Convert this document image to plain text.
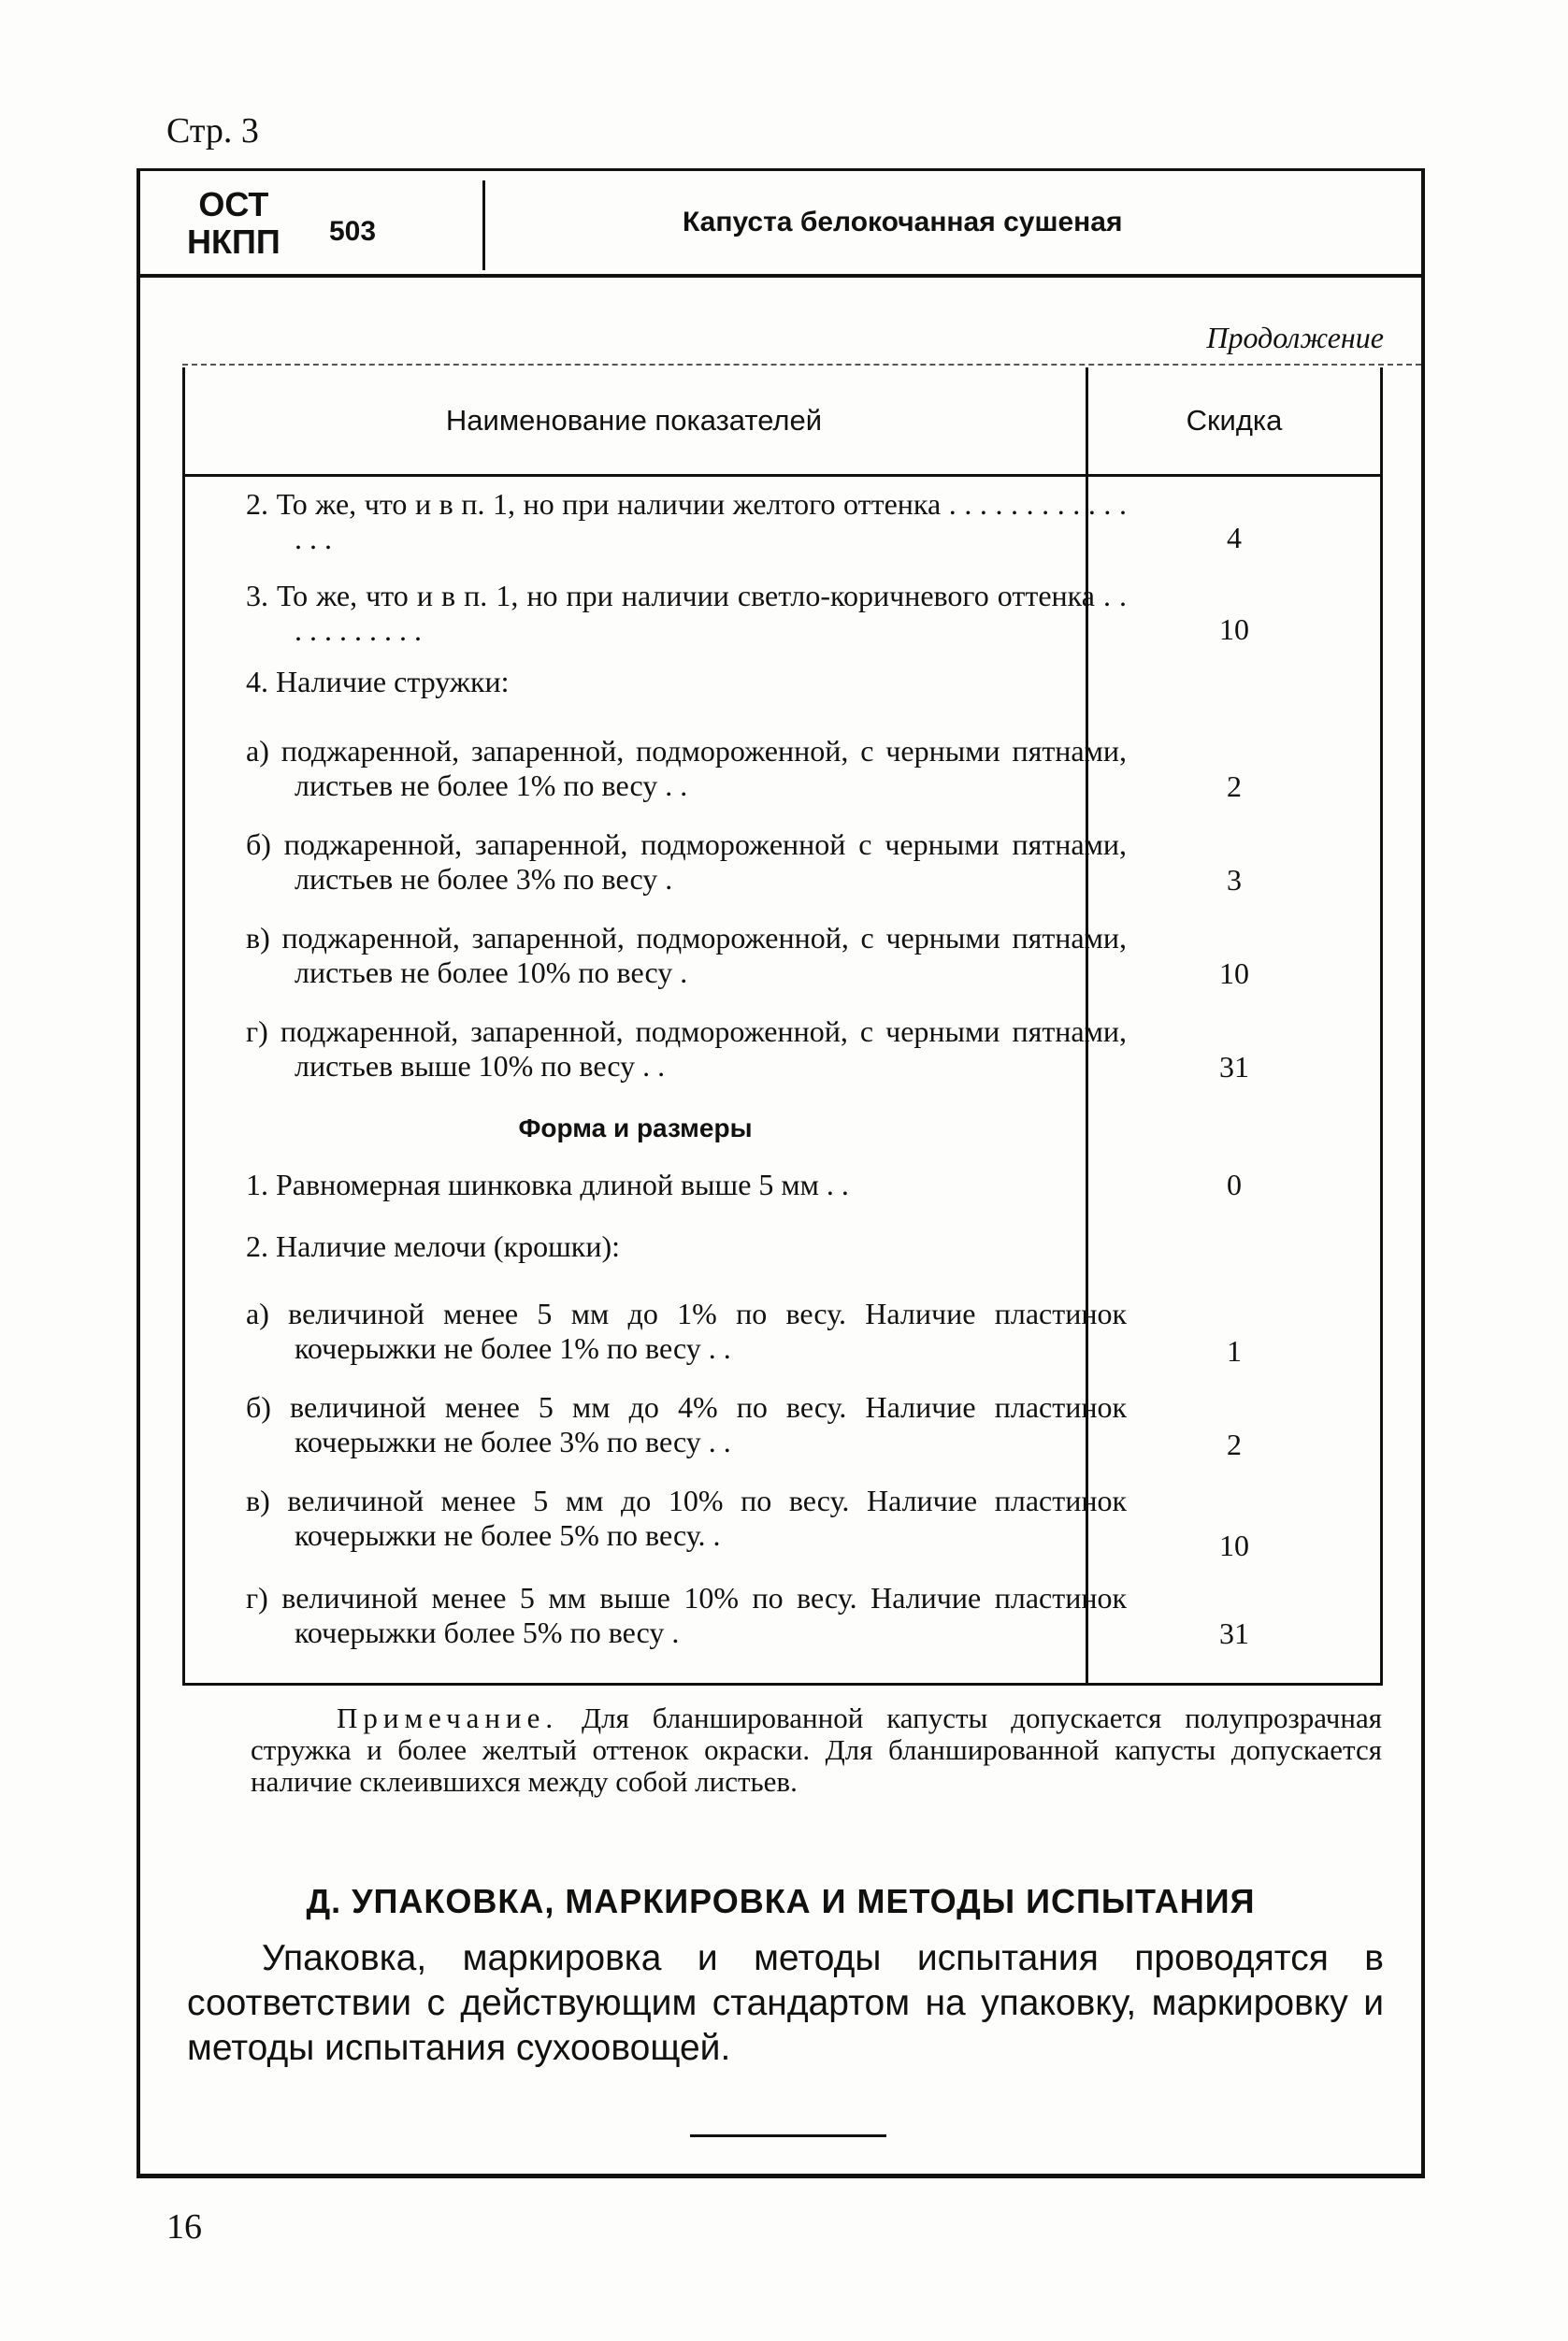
Стр. 3
ОСТ
НКПП 503	Капуста белокочанная сушеная
Продолжение
Наименование показателей	Скидка
2. То же, что и в п. 1, но при наличии желтого оттенка . . . . . . . . . . . . . . .	4
3. То же, что и в п. 1, но при наличии светло-коричневого оттенка . . . . . . . . . . .	10
4. Наличие стружки:
а) поджаренной, запаренной, подмороженной, с черными пятнами, листьев не более 1% по весу . .	2
б) поджаренной, запаренной, подмороженной с черными пятнами, листьев не более 3% по весу .	3
в) поджаренной, запаренной, подмороженной, с черными пятнами, листьев не более 10% по весу .	10
г) поджаренной, запаренной, подмороженной, с черными пятнами, листьев выше 10% по весу . .	31
Форма и размеры
1. Равномерная шинковка длиной выше 5 мм . .	0
2. Наличие мелочи (крошки):
а) величиной менее 5 мм до 1% по весу. Наличие пластинок кочерыжки не более 1% по весу . .	1
б) величиной менее 5 мм до 4% по весу. Наличие пластинок кочерыжки не более 3% по весу . .	2
в) величиной менее 5 мм до 10% по весу. Наличие пластинок кочерыжки не более 5% по весу. .	10
г) величиной менее 5 мм выше 10% по весу. Наличие пластинок кочерыжки более 5% по весу .	31
Примечание. Для бланшированной капусты допускается полупрозрачная стружка и более желтый оттенок окраски. Для бланшированной капусты допускается наличие склеившихся между собой листьев.
Д. УПАКОВКА, МАРКИРОВКА И МЕТОДЫ ИСПЫТАНИЯ
Упаковка, маркировка и методы испытания проводятся в соответствии с действующим стандартом на упаковку, маркировку и методы испытания сухоовощей.
16
